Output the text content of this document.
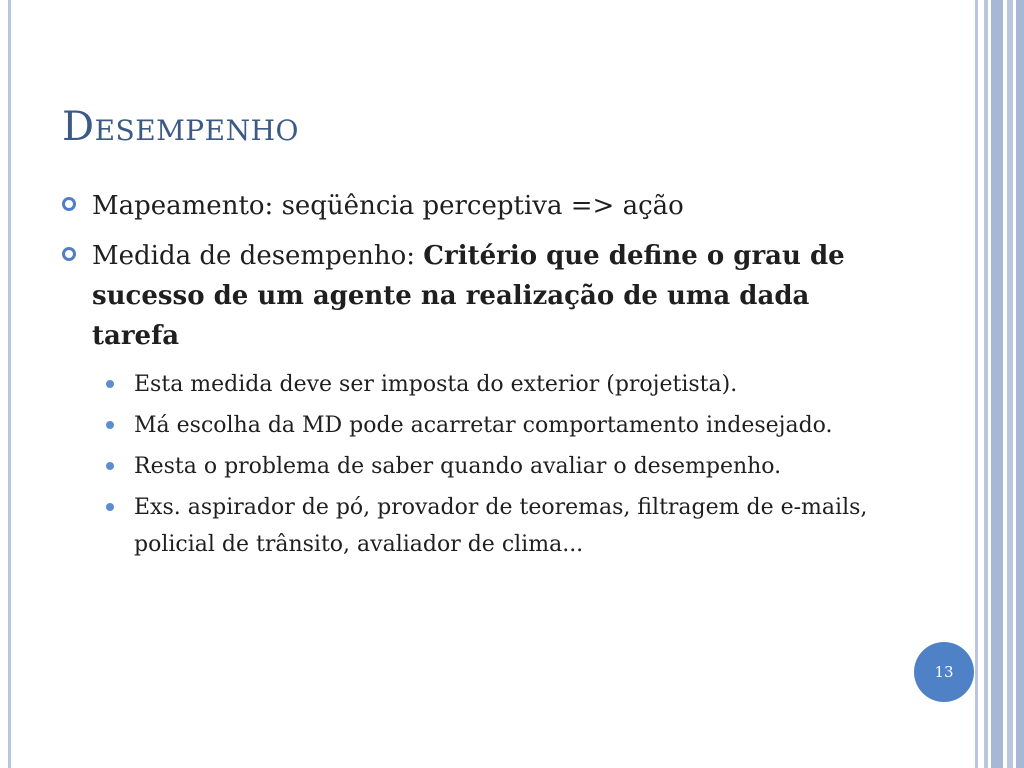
Desempenho
Mapeamento: seqüência perceptiva => ação
Medida de desempenho: Critério que define o grau de sucesso de um agente na realização de uma dada tarefa
Esta medida deve ser imposta do exterior (projetista).
Má escolha da MD pode acarretar comportamento indesejado.
Resta o problema de saber quando avaliar o desempenho.
Exs. aspirador de pó, provador de teoremas, filtragem de e-mails, policial de trânsito, avaliador de clima...
13
